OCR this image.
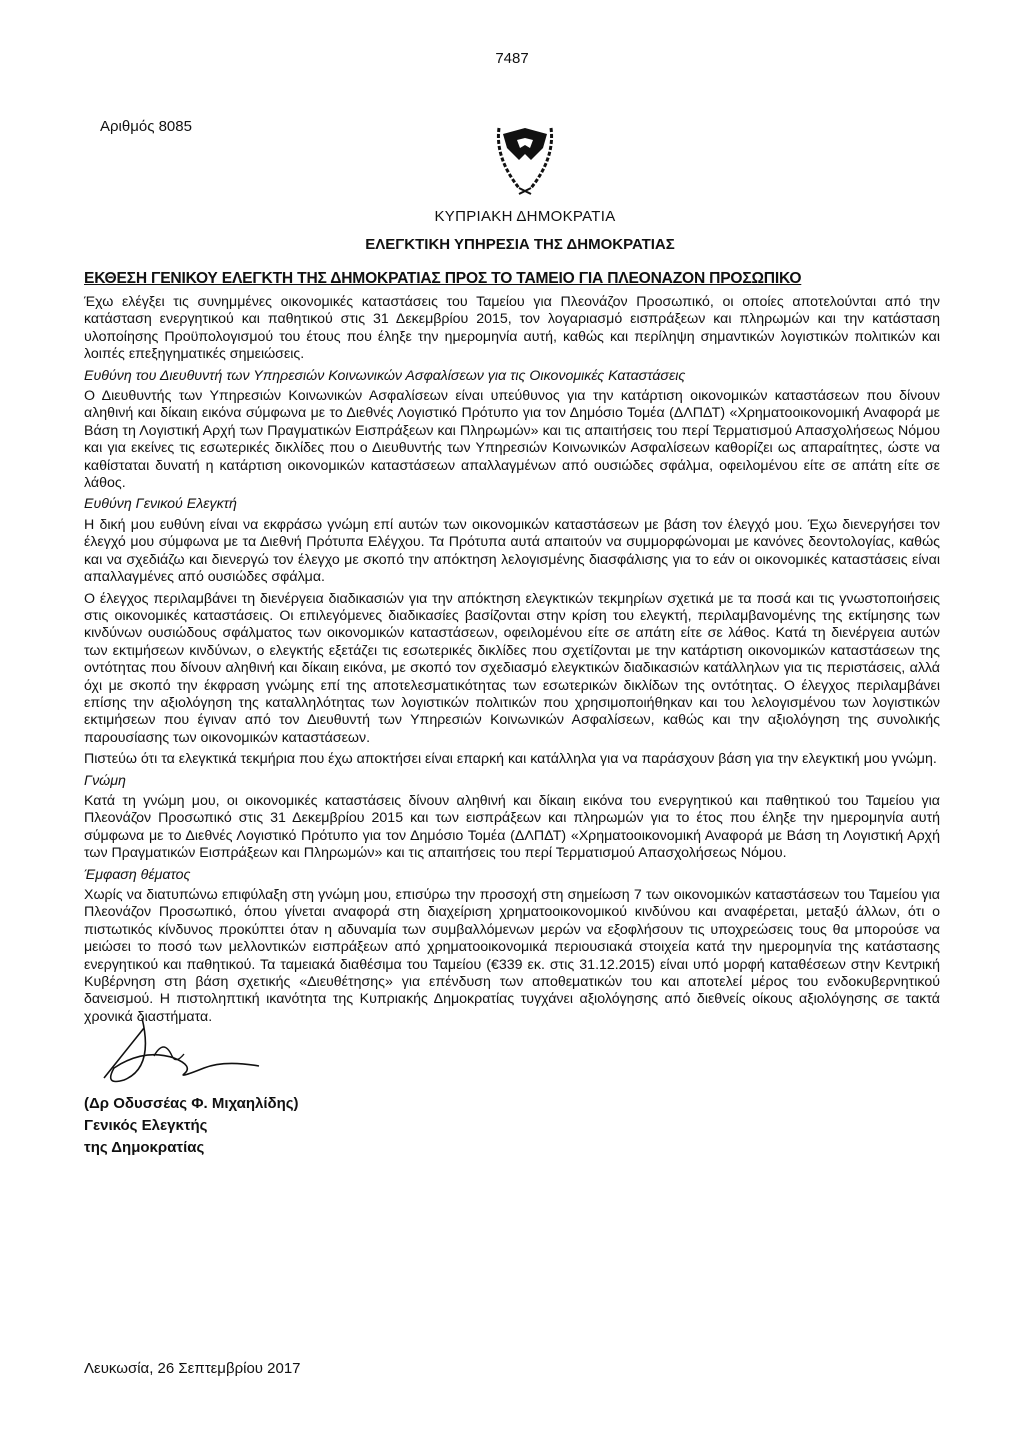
7487
Αριθμός 8085
ΚΥΠΡΙΑΚΗ ΔΗΜΟΚΡΑΤΙΑ
ΕΛΕΓΚΤΙΚΗ ΥΠΗΡΕΣΙΑ ΤΗΣ ΔΗΜΟΚΡΑΤΙΑΣ
ΕΚΘΕΣΗ ΓΕΝΙΚΟΥ ΕΛΕΓΚΤΗ ΤΗΣ ΔΗΜΟΚΡΑΤΙΑΣ ΠΡΟΣ ΤΟ ΤΑΜΕΙΟ ΓΙΑ ΠΛΕΟΝΑΖΟΝ ΠΡΟΣΩΠΙΚΟ

Έχω ελέγξει τις συνημμένες οικονομικές καταστάσεις του Ταμείου για Πλεονάζον Προσωπικό, οι οποίες αποτελούνται από την κατάσταση ενεργητικού και παθητικού στις 31 Δεκεμβρίου 2015, τον λογαριασμό εισπράξεων και πληρωμών και την κατάσταση υλοποίησης Προϋπολογισμού του έτους που έληξε την ημερομηνία αυτή, καθώς και περίληψη σημαντικών λογιστικών πολιτικών και λοιπές επεξηγηματικές σημειώσεις.

Ευθύνη του Διευθυντή των Υπηρεσιών Κοινωνικών Ασφαλίσεων για τις Οικονομικές Καταστάσεις

Ο Διευθυντής των Υπηρεσιών Κοινωνικών Ασφαλίσεων είναι υπεύθυνος για την κατάρτιση οικονομικών καταστάσεων που δίνουν αληθινή και δίκαιη εικόνα σύμφωνα με το Διεθνές Λογιστικό Πρότυπο για τον Δημόσιο Τομέα (ΔΛΠΔΤ) «Χρηματοοικονομική Αναφορά με Βάση τη Λογιστική Αρχή των Πραγματικών Εισπράξεων και Πληρωμών» και τις απαιτήσεις του περί Τερματισμού Απασχολήσεως Νόμου και για εκείνες τις εσωτερικές δικλίδες που ο Διευθυντής των Υπηρεσιών Κοινωνικών Ασφαλίσεων καθορίζει ως απαραίτητες, ώστε να καθίσταται δυνατή η κατάρτιση οικονομικών καταστάσεων απαλλαγμένων από ουσιώδες σφάλμα, οφειλομένου είτε σε απάτη είτε σε λάθος.

Ευθύνη Γενικού Ελεγκτή

Η δική μου ευθύνη είναι να εκφράσω γνώμη επί αυτών των οικονομικών καταστάσεων με βάση τον έλεγχό μου. Έχω διενεργήσει τον έλεγχό μου σύμφωνα με τα Διεθνή Πρότυπα Ελέγχου. Τα Πρότυπα αυτά απαιτούν να συμμορφώνομαι με κανόνες δεοντολογίας, καθώς και να σχεδιάζω και διενεργώ τον έλεγχο με σκοπό την απόκτηση λελογισμένης διασφάλισης για το εάν οι οικονομικές καταστάσεις είναι απαλλαγμένες από ουσιώδες σφάλμα.

Ο έλεγχος περιλαμβάνει τη διενέργεια διαδικασιών για την απόκτηση ελεγκτικών τεκμηρίων σχετικά με τα ποσά και τις γνωστοποιήσεις στις οικονομικές καταστάσεις. Οι επιλεγόμενες διαδικασίες βασίζονται στην κρίση του ελεγκτή, περιλαμβανομένης της εκτίμησης των κινδύνων ουσιώδους σφάλματος των οικονομικών καταστάσεων, οφειλομένου είτε σε απάτη είτε σε λάθος. Κατά τη διενέργεια αυτών των εκτιμήσεων κινδύνων, ο ελεγκτής εξετάζει τις εσωτερικές δικλίδες που σχετίζονται με την κατάρτιση οικονομικών καταστάσεων της οντότητας που δίνουν αληθινή και δίκαιη εικόνα, με σκοπό τον σχεδιασμό ελεγκτικών διαδικασιών κατάλληλων για τις περιστάσεις, αλλά όχι με σκοπό την έκφραση γνώμης επί της αποτελεσματικότητας των εσωτερικών δικλίδων της οντότητας. Ο έλεγχος περιλαμβάνει επίσης την αξιολόγηση της καταλληλότητας των λογιστικών πολιτικών που χρησιμοποιήθηκαν και του λελογισμένου των λογιστικών εκτιμήσεων που έγιναν από τον Διευθυντή των Υπηρεσιών Κοινωνικών Ασφαλίσεων, καθώς και την αξιολόγηση της συνολικής παρουσίασης των οικονομικών καταστάσεων.

Πιστεύω ότι τα ελεγκτικά τεκμήρια που έχω αποκτήσει είναι επαρκή και κατάλληλα για να παράσχουν βάση για την ελεγκτική μου γνώμη.

Γνώμη

Κατά τη γνώμη μου, οι οικονομικές καταστάσεις δίνουν αληθινή και δίκαιη εικόνα του ενεργητικού και παθητικού του Ταμείου για Πλεονάζον Προσωπικό στις 31 Δεκεμβρίου 2015 και των εισπράξεων και πληρωμών για το έτος που έληξε την ημερομηνία αυτή σύμφωνα με το Διεθνές Λογιστικό Πρότυπο για τον Δημόσιο Τομέα (ΔΛΠΔΤ) «Χρηματοοικονομική Αναφορά με Βάση τη Λογιστική Αρχή των Πραγματικών Εισπράξεων και Πληρωμών» και τις απαιτήσεις του περί Τερματισμού Απασχολήσεως Νόμου.

Έμφαση θέματος

Χωρίς να διατυπώνω επιφύλαξη στη γνώμη μου, επισύρω την προσοχή στη σημείωση 7 των οικονομικών καταστάσεων του Ταμείου για Πλεονάζον Προσωπικό, όπου γίνεται αναφορά στη διαχείριση χρηματοοικονομικού κινδύνου και αναφέρεται, μεταξύ άλλων, ότι ο πιστωτικός κίνδυνος προκύπτει όταν η αδυναμία των συμβαλλόμενων μερών να εξοφλήσουν τις υποχρεώσεις τους θα μπορούσε να μειώσει το ποσό των μελλοντικών εισπράξεων από χρηματοοικονομικά περιουσιακά στοιχεία κατά την ημερομηνία της κατάστασης ενεργητικού και παθητικού. Τα ταμειακά διαθέσιμα του Ταμείου (€339 εκ. στις 31.12.2015) είναι υπό μορφή καταθέσεων στην Κεντρική Κυβέρνηση στη βάση σχετικής «Διευθέτησης» για επένδυση των αποθεματικών του και αποτελεί μέρος του ενδοκυβερνητικού δανεισμού. Η πιστοληπτική ικανότητα της Κυπριακής Δημοκρατίας τυγχάνει αξιολόγησης από διεθνείς οίκους αξιολόγησης σε τακτά χρονικά διαστήματα.

(Δρ Οδυσσέας Φ. Μιχαηλίδης)
Γενικός Ελεγκτής
της Δημοκρατίας
Λευκωσία, 26 Σεπτεμβρίου 2017
